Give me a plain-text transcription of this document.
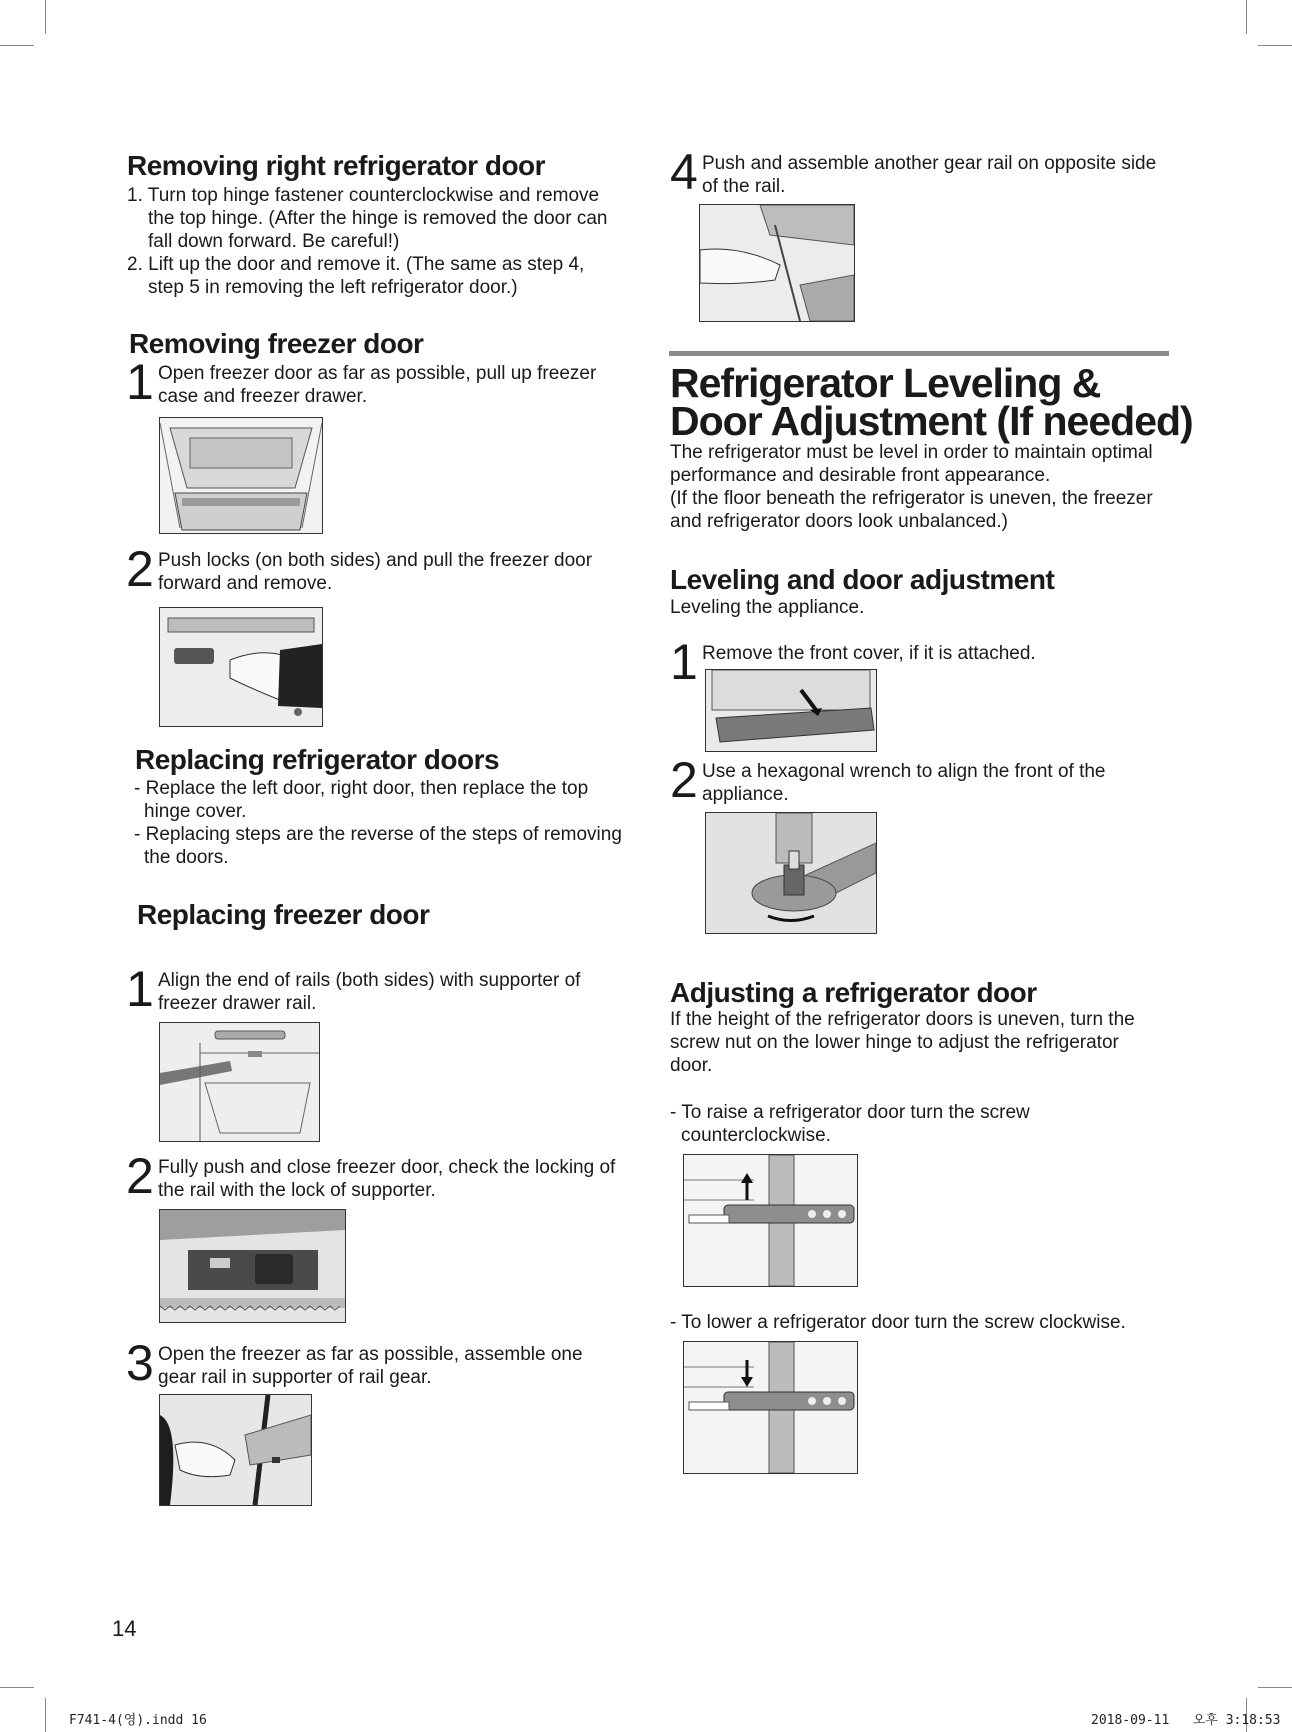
Removing right refrigerator door
1. Turn top hinge fastener counterclockwise and remove
the top hinge. (After the hinge is removed the door can
fall down forward. Be careful!)
2. Lift up the door and remove it. (The same as step 4,
step 5 in removing the left refrigerator door.)
Removing freezer door
1 Open freezer door as far as possible, pull up freezer
case and freezer drawer.
2 Push locks (on both sides) and pull the freezer door
forward and remove.
Replacing refrigerator doors
- Replace the left door, right door, then replace the top
hinge cover.
- Replacing steps are the reverse of the steps of removing
the doors.
Replacing freezer door
1 Align the end of rails (both sides) with supporter of
freezer drawer rail.
2 Fully push and close freezer door, check the locking of
the rail with the lock of supporter.
3 Open the freezer as far as possible, assemble one
gear rail in supporter of rail gear.
4 Push and assemble another gear rail on opposite side
of the rail.
Refrigerator Leveling &
Door Adjustment (If needed)
The refrigerator must be level in order to maintain optimal
performance and desirable front appearance.
(If the floor beneath the refrigerator is uneven, the freezer
and refrigerator doors look unbalanced.)
Leveling and door adjustment
Leveling the appliance.
1 Remove the front cover, if it is attached.
2 Use a hexagonal wrench to align the front of the
appliance.
Adjusting a refrigerator door
If the height of the refrigerator doors is uneven, turn the
screw nut on the lower hinge to adjust the refrigerator
door.
- To raise a refrigerator door turn the screw
counterclockwise.
- To lower a refrigerator door turn the screw clockwise.
14
F741-4(영).indd 16	2018-09-11   오후 3:18:53
